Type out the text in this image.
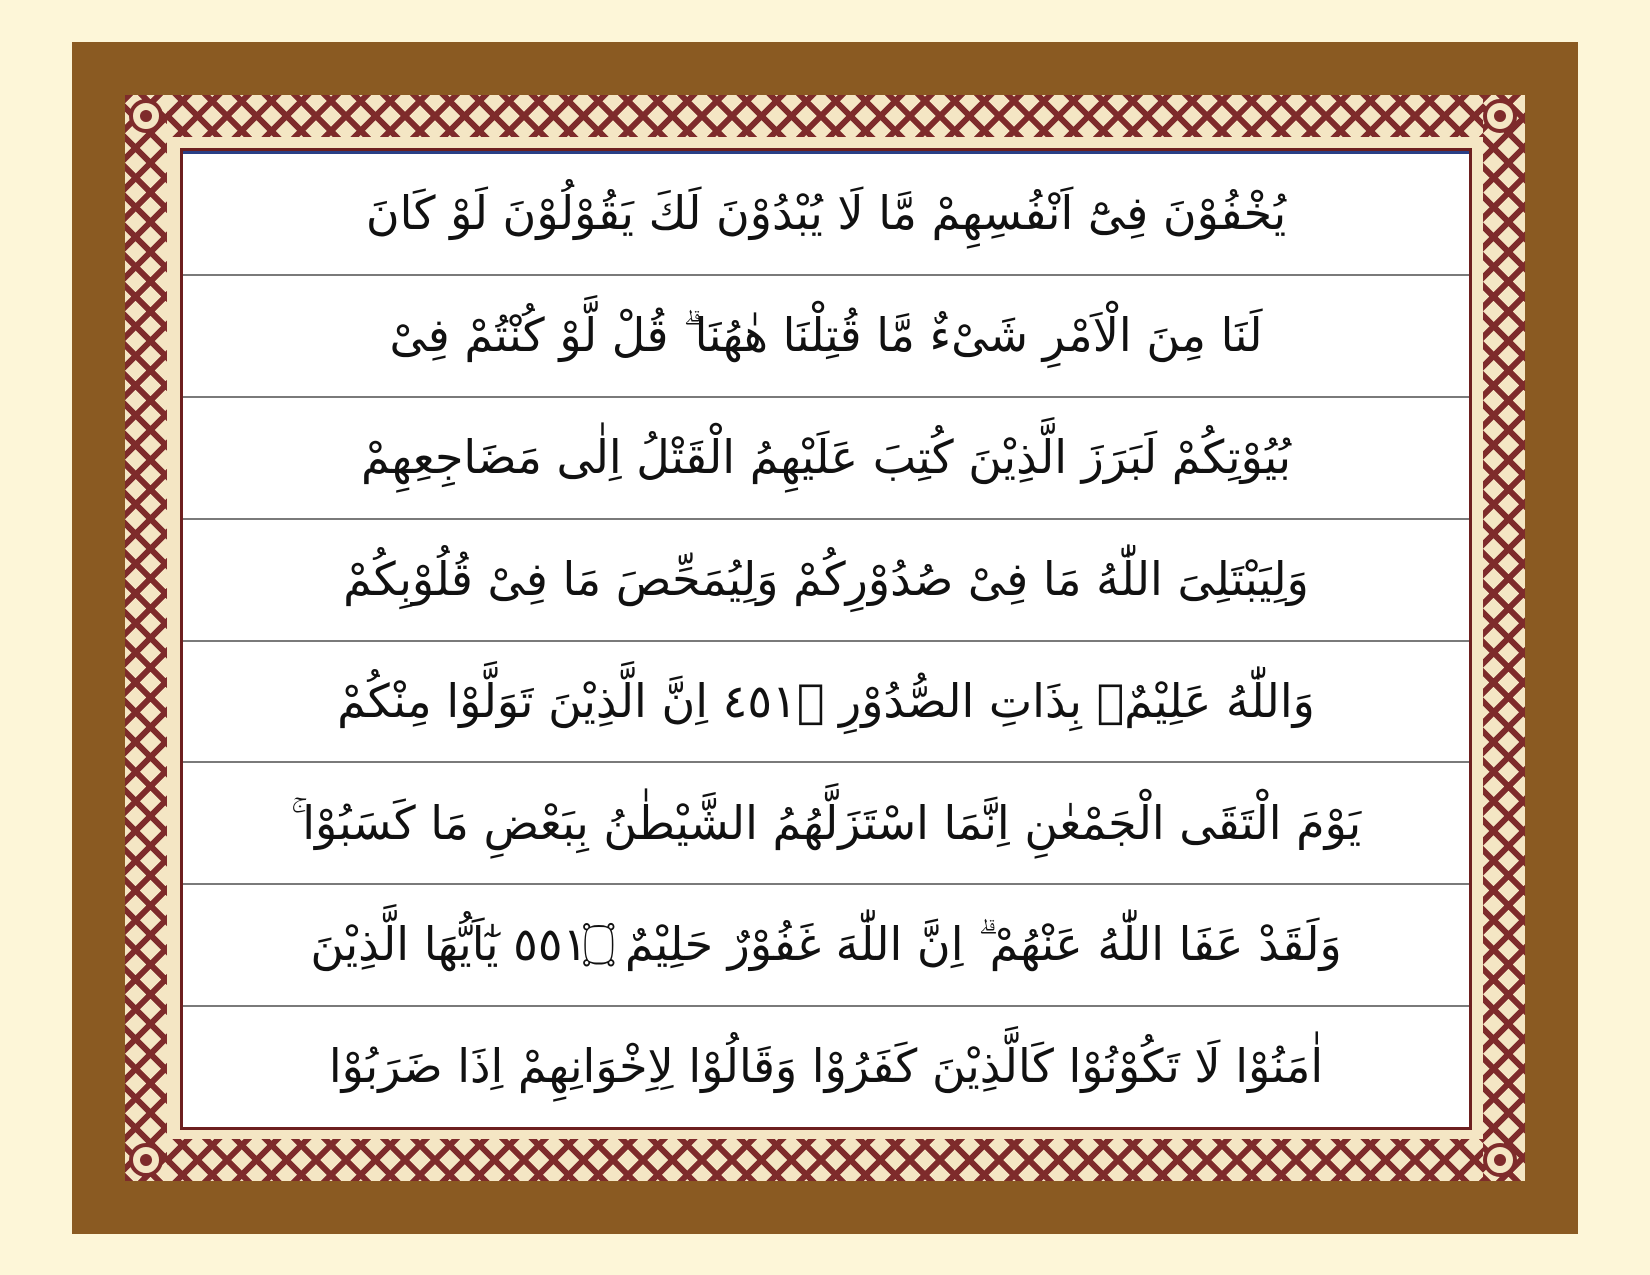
يُخْفُوْنَ فِىْٓ اَنْفُسِهِمْ مَّا لَا يُبْدُوْنَ لَكَ يَقُوْلُوْنَ لَوْ كَانَ
لَنَا مِنَ الْاَمْرِ شَىْءٌ مَّا قُتِلْنَا هٰهُنَا ۗ قُلْ لَّوْ كُنْتُمْ فِىْ
بُيُوْتِكُمْ لَبَرَزَ الَّذِيْنَ كُتِبَ عَلَيْهِمُ الْقَتْلُ اِلٰى مَضَاجِعِهِمْ
وَلِيَبْتَلِىَ اللّٰهُ مَا فِىْ صُدُوْرِكُمْ وَلِيُمَحِّصَ مَا فِىْ قُلُوْبِكُمْ
وَاللّٰهُ عَلِيْمٌۢ بِذَاتِ الصُّدُوْرِ ۝١٥٤ اِنَّ الَّذِيْنَ تَوَلَّوْا مِنْكُمْ
يَوْمَ الْتَقَى الْجَمْعٰنِ اِنَّمَا اسْتَزَلَّهُمُ الشَّيْطٰنُ بِبَعْضِ مَا كَسَبُوْا ۚ
وَلَقَدْ عَفَا اللّٰهُ عَنْهُمْ ۗ اِنَّ اللّٰهَ غَفُوْرٌ حَلِيْمٌ ۝١٥٥ يٰٓاَيُّهَا الَّذِيْنَ
اٰمَنُوْا لَا تَكُوْنُوْا كَالَّذِيْنَ كَفَرُوْا وَقَالُوْا لِاِخْوَانِهِمْ اِذَا ضَرَبُوْا
